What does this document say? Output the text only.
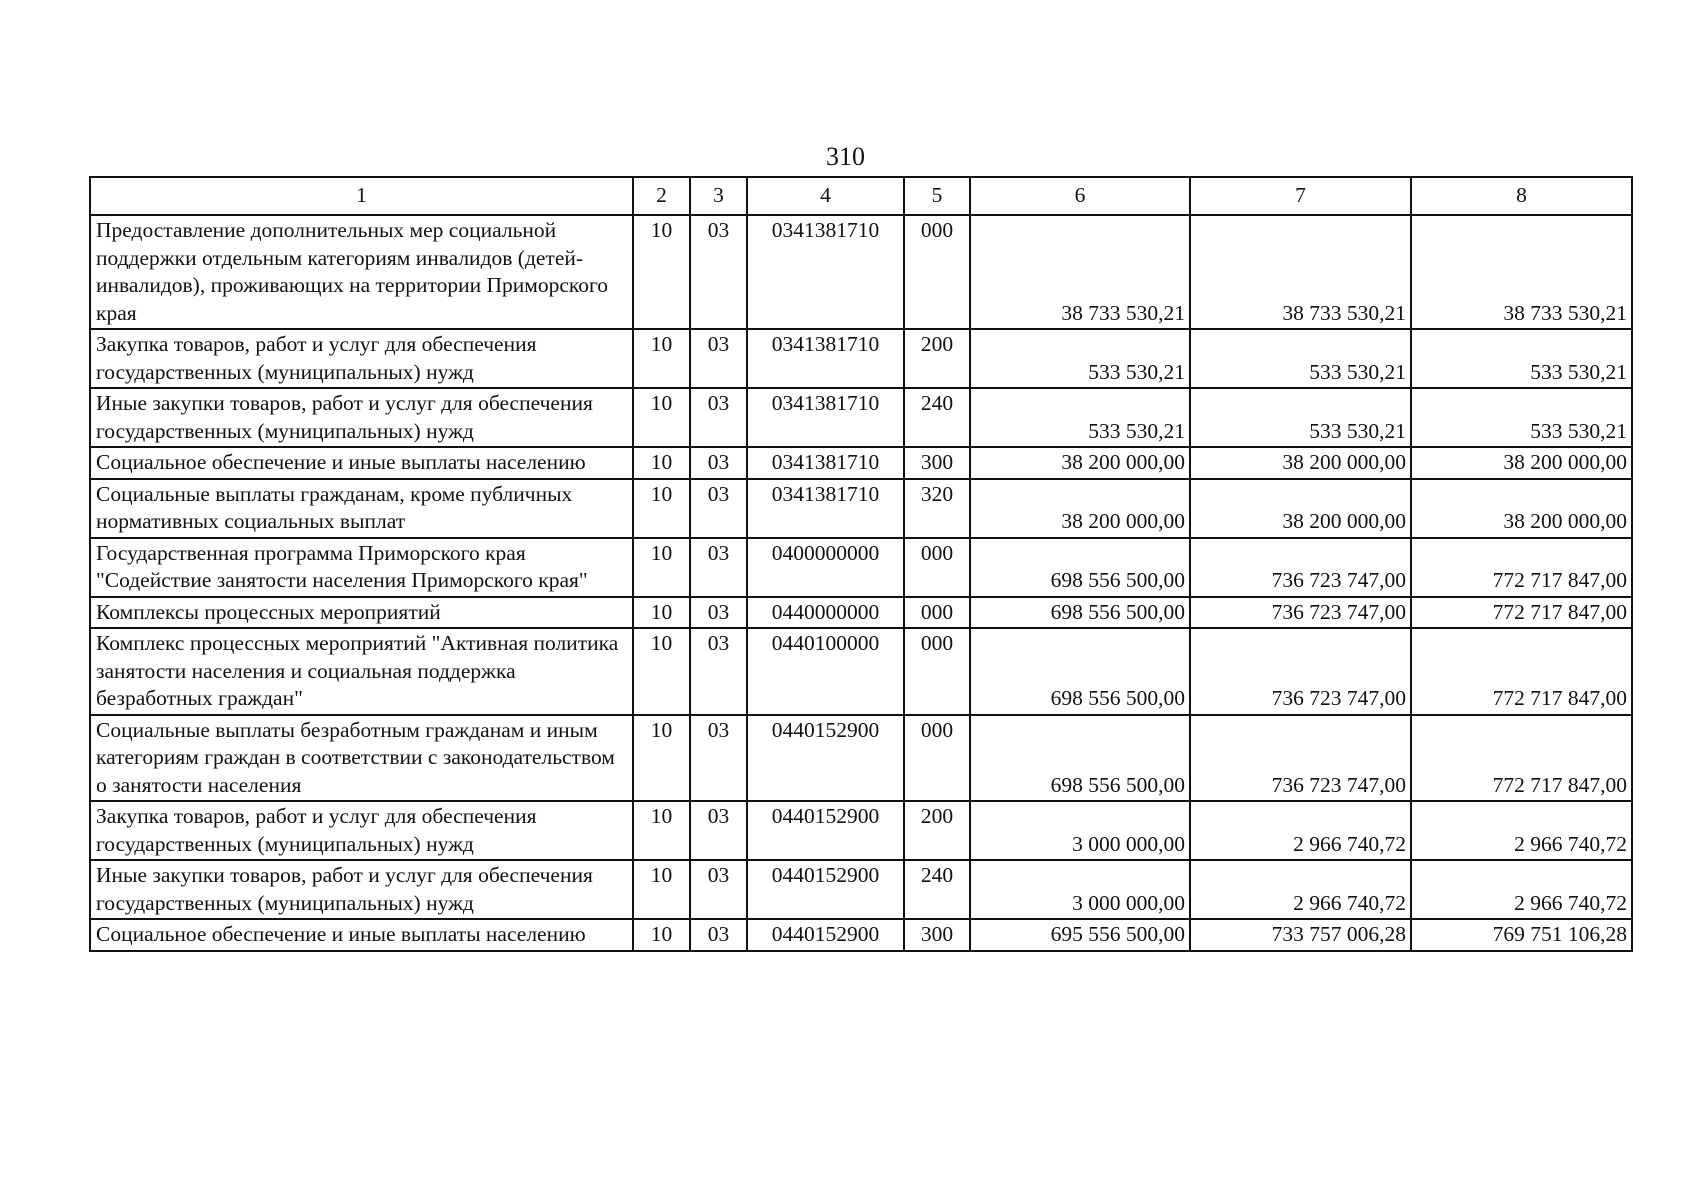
310
1	2	3	4	5	6	7	8
Предоставление дополнительных мер социальной поддержки отдельным категориям инвалидов (детей-инвалидов), проживающих на территории Приморского края	10	03	0341381710	000	38 733 530,21	38 733 530,21	38 733 530,21
Закупка товаров, работ и услуг для обеспечения государственных (муниципальных) нужд	10	03	0341381710	200	533 530,21	533 530,21	533 530,21
Иные закупки товаров, работ и услуг для обеспечения государственных (муниципальных) нужд	10	03	0341381710	240	533 530,21	533 530,21	533 530,21
Социальное обеспечение и иные выплаты населению	10	03	0341381710	300	38 200 000,00	38 200 000,00	38 200 000,00
Социальные выплаты гражданам, кроме публичных нормативных социальных выплат	10	03	0341381710	320	38 200 000,00	38 200 000,00	38 200 000,00
Государственная программа Приморского края "Содействие занятости населения Приморского края"	10	03	0400000000	000	698 556 500,00	736 723 747,00	772 717 847,00
Комплексы процессных мероприятий	10	03	0440000000	000	698 556 500,00	736 723 747,00	772 717 847,00
Комплекс процессных мероприятий "Активная политика занятости населения и социальная поддержка безработных граждан"	10	03	0440100000	000	698 556 500,00	736 723 747,00	772 717 847,00
Социальные выплаты безработным гражданам и иным категориям граждан в соответствии с законодательством о занятости населения	10	03	0440152900	000	698 556 500,00	736 723 747,00	772 717 847,00
Закупка товаров, работ и услуг для обеспечения государственных (муниципальных) нужд	10	03	0440152900	200	3 000 000,00	2 966 740,72	2 966 740,72
Иные закупки товаров, работ и услуг для обеспечения государственных (муниципальных) нужд	10	03	0440152900	240	3 000 000,00	2 966 740,72	2 966 740,72
Социальное обеспечение и иные выплаты населению	10	03	0440152900	300	695 556 500,00	733 757 006,28	769 751 106,28
